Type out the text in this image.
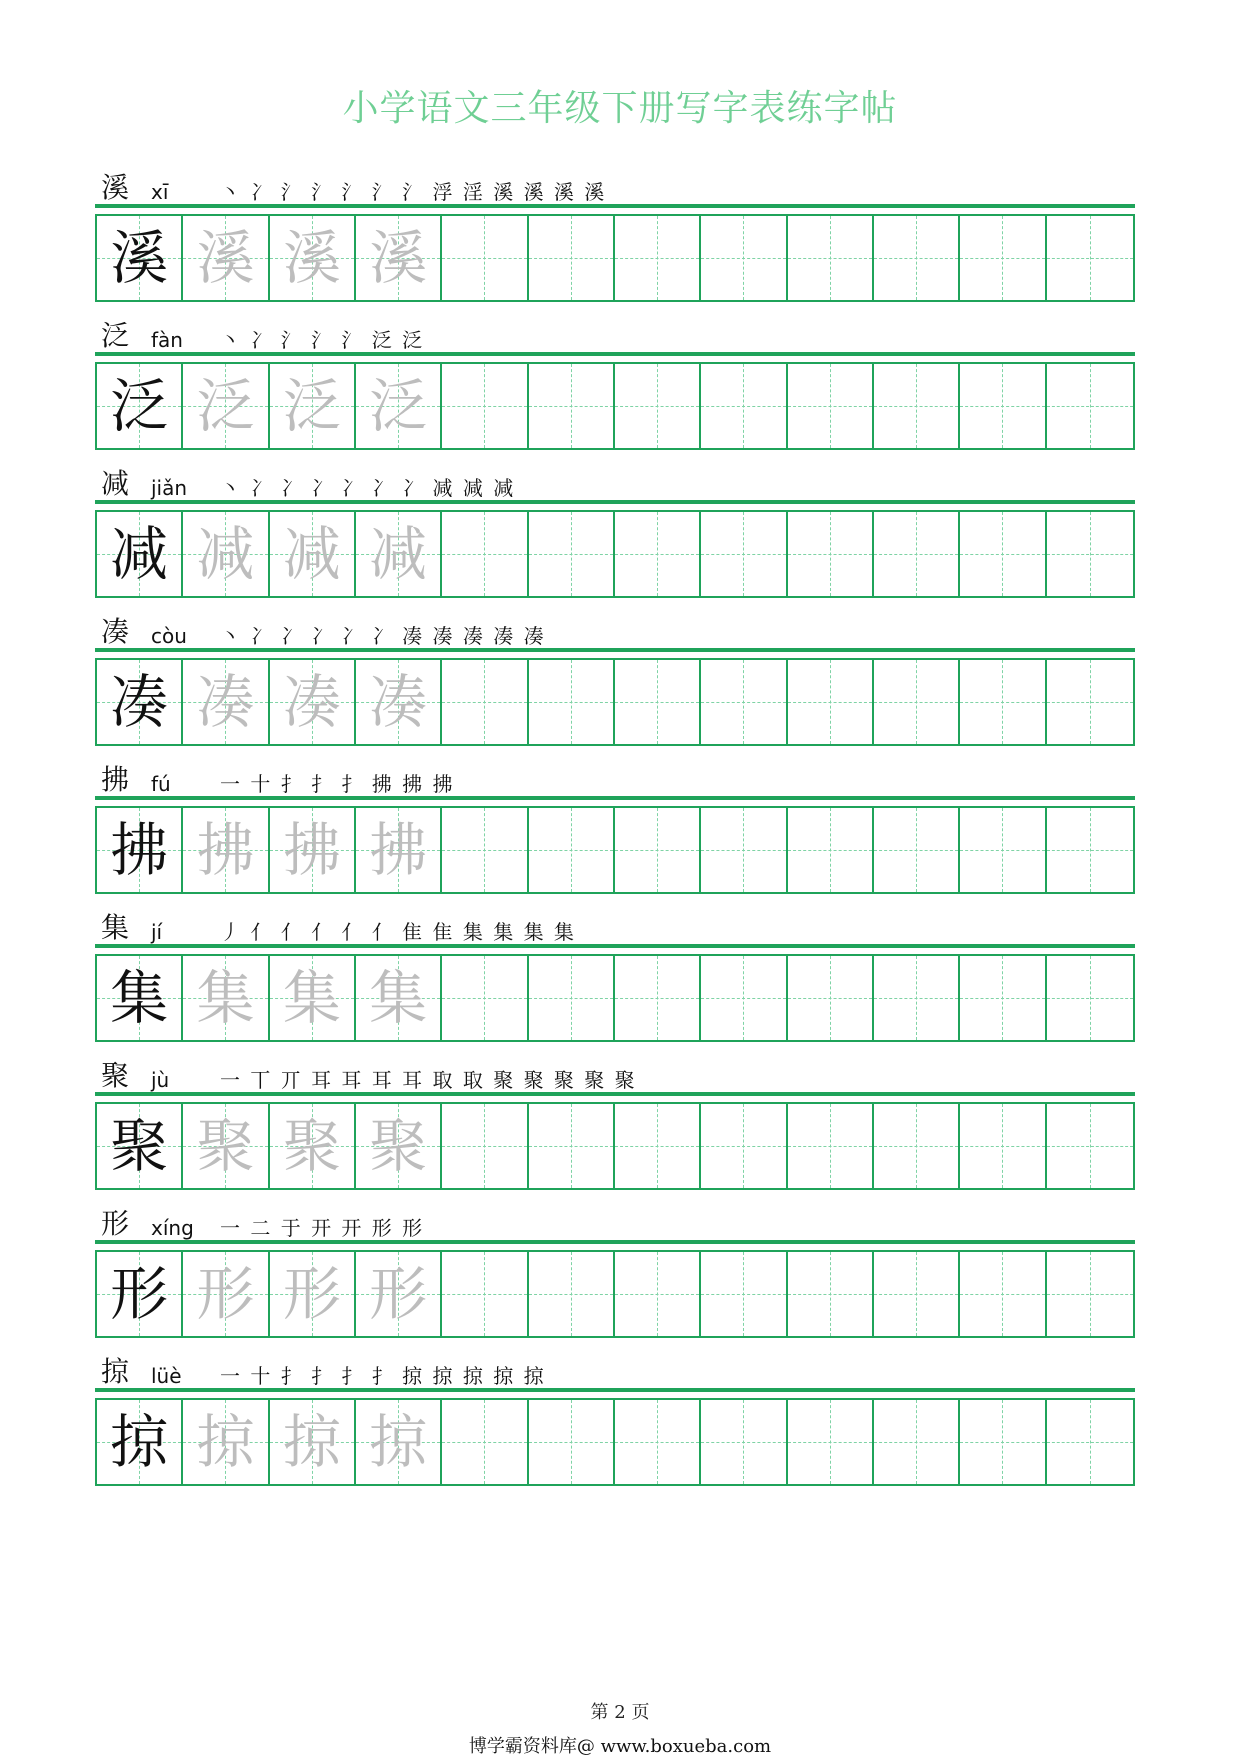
小学语文三年级下册写字表练字帖
溪 xī	丶 冫 氵 氵 氵 氵 氵 浮 淫 溪 溪 溪 溪
溪 溪 溪 溪
泛 fàn 丶 冫 氵 氵 氵 泛 泛
泛 泛 泛 泛
减 jiǎn 丶 冫 冫 冫 冫 冫 冫 减 减 减
减 减 减 减
凑 còu 丶 冫 冫 冫 冫 冫 凑 凑 凑 凑 凑
凑 凑 凑 凑
拂 fú 一 十 扌 扌 扌 拂 拂 拂
拂 拂 拂 拂
集 jí	丿 亻 亻 亻 亻 亻 隹 隹 集 集 集 集
集 集 集 集
聚 jù	一 丅 丌 耳 耳 耳 耳 取 取 聚 聚 聚 聚 聚
聚 聚 聚 聚
形 xíng 一 二 于 开 开 形 形
形 形 形 形
掠 lüè 一 十 扌 扌 扌 扌 掠 掠 掠 掠 掠
掠 掠 掠 掠
第 2 页
博学霸资料库@ www.boxueba.com
